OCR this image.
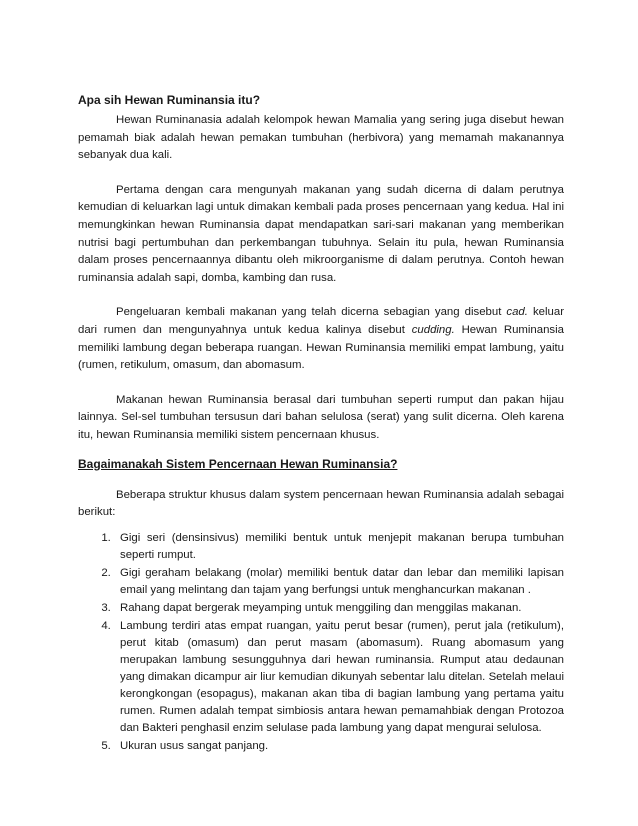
Apa sih Hewan Ruminansia itu?

Hewan Ruminanasia adalah kelompok hewan Mamalia yang sering juga disebut hewan pemamah biak adalah hewan pemakan tumbuhan (herbivora) yang memamah makanannya sebanyak dua kali.

Pertama dengan cara mengunyah makanan yang sudah dicerna di dalam perutnya kemudian di keluarkan lagi untuk dimakan kembali pada proses pencernaan yang kedua. Hal ini memungkinkan hewan Ruminansia dapat mendapatkan sari-sari makanan yang memberikan nutrisi bagi pertumbuhan dan perkembangan tubuhnya. Selain itu pula, hewan Ruminansia dalam proses pencernaannya dibantu oleh mikroorganisme di dalam perutnya. Contoh hewan ruminansia adalah sapi, domba, kambing dan rusa.

Pengeluaran kembali makanan yang telah dicerna sebagian yang disebut cad. keluar dari rumen dan mengunyahnya untuk kedua kalinya disebut cudding. Hewan Ruminansia memiliki lambung degan beberapa ruangan. Hewan Ruminansia memiliki empat lambung, yaitu (rumen, retikulum, omasum, dan abomasum.

Makanan hewan Ruminansia berasal dari tumbuhan seperti rumput dan pakan hijau lainnya. Sel-sel tumbuhan tersusun dari bahan selulosa (serat) yang sulit dicerna. Oleh karena itu, hewan Ruminansia memiliki sistem pencernaan khusus.

Bagaimanakah Sistem Pencernaan Hewan Ruminansia?

Beberapa struktur khusus dalam system pencernaan hewan Ruminansia adalah sebagai berikut:

1. Gigi seri (densinsivus) memiliki bentuk untuk menjepit makanan berupa tumbuhan seperti rumput.
2. Gigi geraham belakang (molar) memiliki bentuk datar dan lebar dan memiliki lapisan email yang melintang dan tajam yang berfungsi untuk menghancurkan makanan .
3. Rahang dapat bergerak meyamping untuk menggiling dan menggilas makanan.
4. Lambung terdiri atas empat ruangan, yaitu perut besar (rumen), perut jala (retikulum), perut kitab (omasum) dan perut masam (abomasum). Ruang abomasum yang merupakan lambung sesungguhnya dari hewan ruminansia. Rumput atau dedaunan yang dimakan dicampur air liur kemudian dikunyah sebentar lalu ditelan. Setelah melaui kerongkongan (esopagus), makanan akan tiba di bagian lambung yang pertama yaitu rumen. Rumen adalah tempat simbiosis antara hewan pemamahbiak dengan Protozoa dan Bakteri penghasil enzim selulase pada lambung yang dapat mengurai selulosa.
5. Ukuran usus sangat panjang.
